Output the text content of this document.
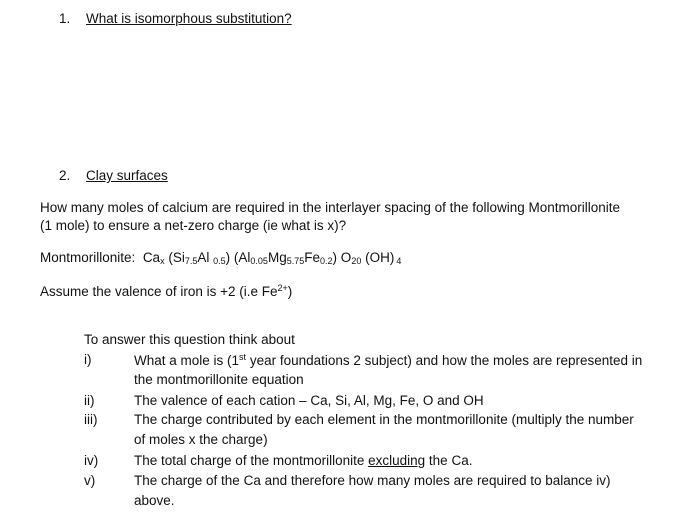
1. What is isomorphous substitution?
2. Clay surfaces
How many moles of calcium are required in the interlayer spacing of the following Montmorillonite
(1 mole) to ensure a net-zero charge (ie what is x)?
Montmorillonite: $Ca_x$ ($Si_{7.5}Al$ $_{0.5}$) $(Al_{0.05}Mg_{5.75}Fe_{0.2})$ $O_{20}$ (OH) $_4$
Assume the valence of iron is +2 (i.e $Fe^{2+}$)
To answer this question think about
i)	What a mole is (1st year foundations 2 subject) and how the moles are represented in
the montmorillonite equation
ii)	The valence of each cation – Ca, Si, Al, Mg, Fe, O and OH
iii)	The charge contributed by each element in the montmorillonite (multiply the number
of moles x the charge)
iv)	The total charge of the montmorillonite excluding the Ca.
v)	The charge of the Ca and therefore how many moles are required to balance iv)
above.
